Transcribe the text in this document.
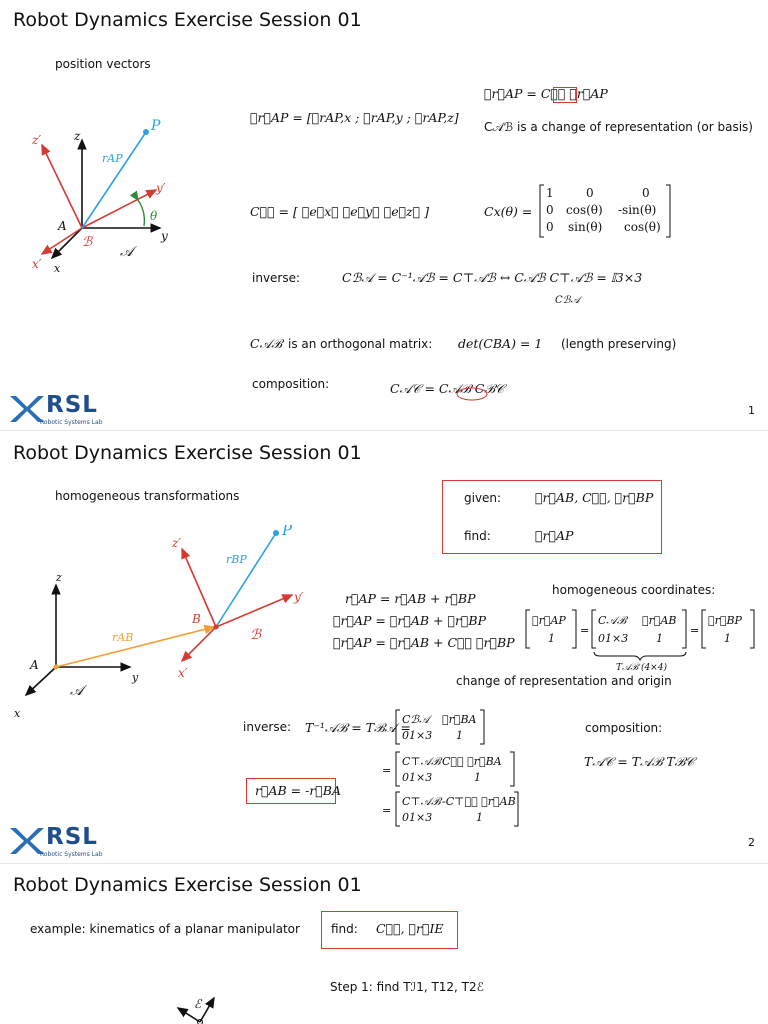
Robot Dynamics Exercise Session 01
position vectors
z
z′
P
rAP
y′
θ
y
A
ℬ
𝒜
x′ x
𝒜r⃗AP = [𝒜rAP,x ; 𝒜rAP,y ; 𝒜rAP,z]
ℬr⃗AP = Cℬ𝒜 𝒜r⃗AP
C𝒜ℬ is a change of representation (or basis)
C𝒜ℬ = [ 𝒜e⃗xℬ 𝒜e⃗yℬ 𝒜e⃗zℬ ]	Cx(θ) =
1	0	0
0 cos(θ) -sin(θ)
0 sin(θ) cos(θ)
inverse:	Cℬ𝒜 = C⁻¹𝒜ℬ = C⊤𝒜ℬ ↔ C𝒜ℬ C⊤𝒜ℬ = 𝕀3×3
Cℬ𝒜
C𝒜ℬ is an orthogonal matrix: det(CBA) = 1 (length preserving)
composition:	C𝒜𝒞 = C𝒜ℬ Cℬ𝒞
RSL
Robotic Systems Lab
1
Robot Dynamics Exercise Session 01
homogeneous transformations	given:	𝒜r⃗AB, C𝒜ℬ, ℬr⃗BP
find:	𝒜r⃗AP
z
z′
P
rBP
y′
B
ℬ
rAB
A
y	x′
𝒜
x
r⃗AP = r⃗AB + r⃗BP
𝒜r⃗AP = 𝒜r⃗AB + 𝒜r⃗BP
𝒜r⃗AP = 𝒜r⃗AB + C𝒜ℬ ℬr⃗BP
homogeneous coordinates:
𝒜r⃗AP
1
=
C𝒜ℬ 𝒜r⃗AB
01×3	1
=
ℬr⃗BP
1
T𝒜ℬ (4×4)
change of representation and origin
inverse: T⁻¹𝒜ℬ = Tℬ𝒜 =
Cℬ𝒜	ℬr⃗BA
01×3 1
=
C⊤𝒜ℬ Cℬ𝒜 𝒜r⃗BA
01×3	1
=
C⊤𝒜ℬ -C⊤𝒜ℬ 𝒜r⃗AB
01×3	1
r⃗AB = -r⃗BA
composition:
T𝒜𝒞 = T𝒜ℬ Tℬ𝒞
RSL
Robotic Systems Lab
2
Robot Dynamics Exercise Session 01
example: kinematics of a planar manipulator	find: Cℐℰ, ℐr⃗IE
Step 1: find Tℐ1, T12, T2ℰ
ℰ
